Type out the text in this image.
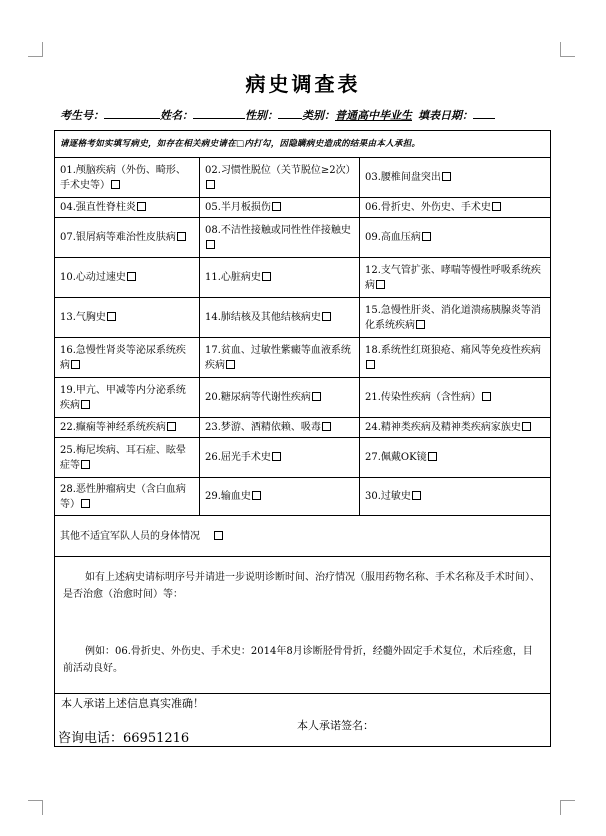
病史调查表
考生号：	姓名：	性别： 类别：普通高中毕业生 填表日期：
请逐格考如实填写病史，如存在相关病史请在□内打勾，因隐瞒病史造成的结果由本人承担。		
01.颅脑疾病（外伤、畸形、手术史等）	02.习惯性脱位（关节脱位≥2次）	03.腰椎间盘突出
04.强直性脊柱炎	05.半月板损伤	06.骨折史、外伤史、手术史
07.银屑病等难治性皮肤病	08.不洁性接触或同性性伴接触史	09.高血压病
10.心动过速史	11.心脏病史	12.支气管扩张、哮喘等慢性呼吸系统疾病
13.气胸史	14.肺结核及其他结核病史	15.急慢性肝炎、消化道溃疡胰腺炎等消化系统疾病
16.急慢性肾炎等泌尿系统疾病	17.贫血、过敏性紫癜等血液系统疾病	18.系统性红斑狼疮、痛风等免疫性疾病
19.甲亢、甲减等内分泌系统疾病	20.糖尿病等代谢性疾病	21.传染性疾病（含性病）
22.癫痫等神经系统疾病	23.梦游、酒精依赖、吸毒	24.精神类疾病及精神类疾病家族史
25.梅尼埃病、耳石症、眩晕症等	26.屈光手术史	27.佩戴OK镜
28.恶性肿瘤病史（含白血病等）	29.输血史	30.过敏史
其他不适宜军队人员的身体情况		

如有上述病史请标明序号并请进一步说明诊断时间、治疗情况（服用药物名称、手术名称及手术时间）、是否治愈（治愈时间）等：

例如：06.骨折史、外伤史、手术史：2014年8月诊断胫骨骨折，经髓外固定手术复位，术后痊愈，目前活动良好。		

本人承诺上述信息真实准确！
本人承诺签名：		
咨询电话：66951216
